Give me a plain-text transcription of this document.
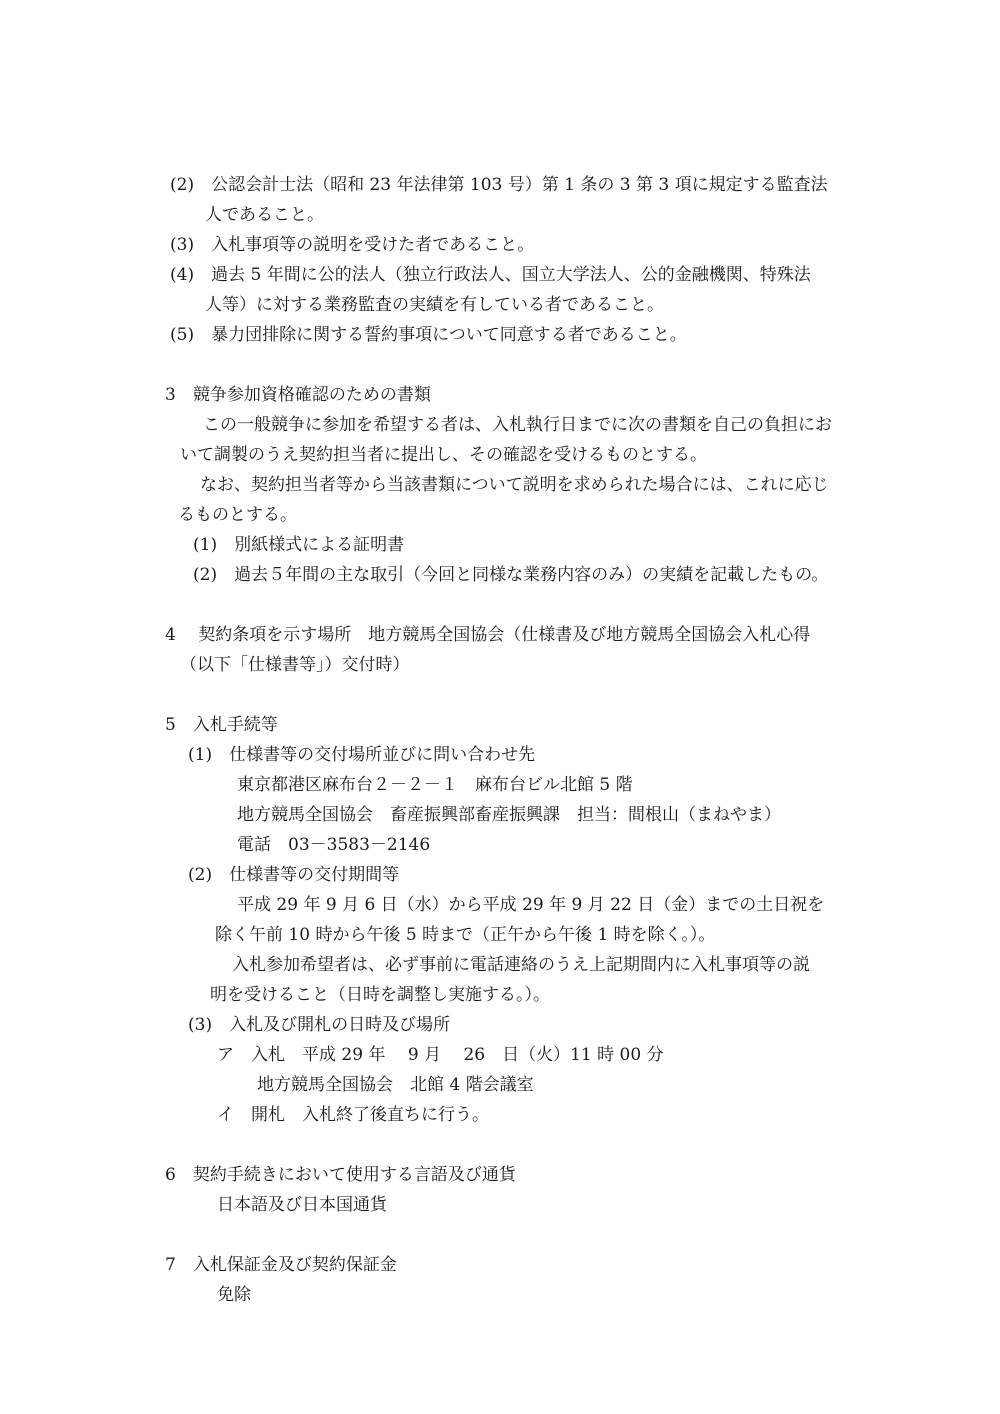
(2)　公認会計士法（昭和 23 年法律第 103 号）第 1 条の 3 第 3 項に規定する監査法
人であること。
(3)　入札事項等の説明を受けた者であること。
(4)　過去 5 年間に公的法人（独立行政法人、国立大学法人、公的金融機関、特殊法
人等）に対する業務監査の実績を有している者であること。
(5)　暴力団排除に関する誓約事項について同意する者であること。
3　競争参加資格確認のための書類
この一般競争に参加を希望する者は、入札執行日までに次の書類を自己の負担にお
いて調製のうえ契約担当者に提出し、その確認を受けるものとする。
なお、契約担当者等から当該書類について説明を求められた場合には、これに応じ
るものとする。
(1)　別紙様式による証明書
(2)　過去５年間の主な取引（今回と同様な業務内容のみ）の実績を記載したもの。
4　 契約条項を示す場所　地方競馬全国協会（仕様書及び地方競馬全国協会入札心得
（以下「仕様書等」）交付時）
5　入札手続等
(1)　仕様書等の交付場所並びに問い合わせ先
東京都港区麻布台２－２－１　麻布台ビル北館 5 階
地方競馬全国協会　畜産振興部畜産振興課　担当：間根山（まねやま）
電話　03－3583－2146
(2)　仕様書等の交付期間等
平成 29 年 9 月 6 日（水）から平成 29 年 9 月 22 日（金）までの土日祝を
除く午前 10 時から午後 5 時まで（正午から午後 1 時を除く。）。
入札参加希望者は、必ず事前に電話連絡のうえ上記期間内に入札事項等の説
明を受けること（日時を調整し実施する。）。
(3)　入札及び開札の日時及び場所
ア　入札　平成 29 年　 9 月　 26　日（火）11 時 00 分
地方競馬全国協会　北館 4 階会議室
イ　開札　入札終了後直ちに行う。
6　契約手続きにおいて使用する言語及び通貨
日本語及び日本国通貨
7　入札保証金及び契約保証金
免除
